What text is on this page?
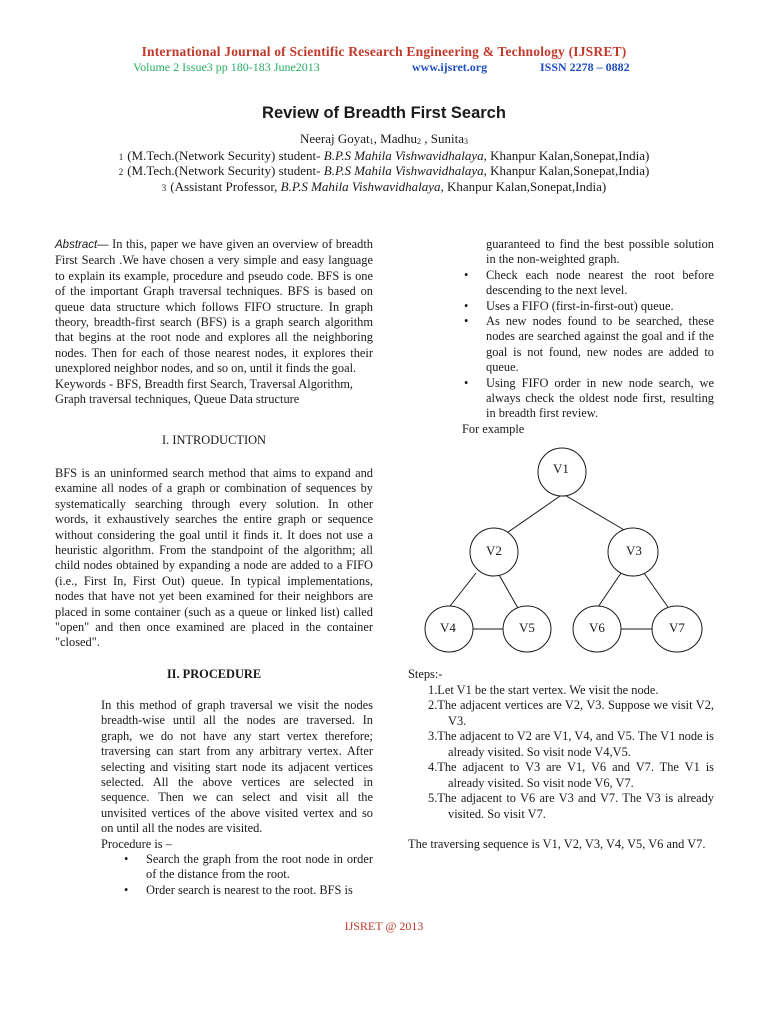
International Journal of Scientific Research Engineering & Technology (IJSRET)
Volume 2 Issue3 pp 180-183 June2013	www.ijsret.org	ISSN 2278 – 0882
Review of Breadth First Search
Neeraj Goyat$_1$, Madhu$_2$ , Sunita$_3$
1 (M.Tech.(Network Security) student- B.P.S Mahila Vishwavidhalaya, Khanpur Kalan,Sonepat,India)
2 (M.Tech.(Network Security) student- B.P.S Mahila Vishwavidhalaya, Khanpur Kalan,Sonepat,India)
3 (Assistant Professor, B.P.S Mahila Vishwavidhalaya, Khanpur Kalan,Sonepat,India)
Abstract— In this, paper we have given an overview of breadth First Search .We have chosen a very simple and easy language to explain its example, procedure and pseudo code. BFS is one of the important Graph traversal techniques. BFS is based on queue data structure which follows FIFO structure. In graph theory, breadth-first search (BFS) is a graph search algorithm that begins at the root node and explores all the neighboring nodes. Then for each of those nearest nodes, it explores their unexplored neighbor nodes, and so on, until it finds the goal.
Keywords - BFS, Breadth first Search, Traversal Algorithm, Graph traversal techniques, Queue Data structure
I. INTRODUCTION
BFS is an uninformed search method that aims to expand and examine all nodes of a graph or combination of sequences by systematically searching through every solution. In other words, it exhaustively searches the entire graph or sequence without considering the goal until it finds it. It does not use a heuristic algorithm. From the standpoint of the algorithm; all child nodes obtained by expanding a node are added to a FIFO (i.e., First In, First Out) queue. In typical implementations, nodes that have not yet been examined for their neighbors are placed in some container (such as a queue or linked list) called "open" and then once examined are placed in the container "closed".
II. PROCEDURE
In this method of graph traversal we visit the nodes breadth-wise until all the nodes are traversed. In graph, we do not have any start vertex therefore; traversing can start from any arbitrary vertex. After selecting and visiting start node its adjacent vertices selected. All the above vertices are selected in sequence. Then we can select and visit all the unvisited vertices of the above visited vertex and so on until all the nodes are visited.
Procedure is –
• Search the graph from the root node in order of the distance from the root.
• Order search is nearest to the root. BFS is
guaranteed to find the best possible solution in the non-weighted graph.
• Check each node nearest the root before descending to the next level.
• Uses a FIFO (first-in-first-out) queue.
• As new nodes found to be searched, these nodes are searched against the goal and if the goal is not found, new nodes are added to queue.
• Using FIFO order in new node search, we always check the oldest node first, resulting in breadth first review.
For example
V1
V2	V3
V4	V5	V6	V7
Steps:-
1.Let V1 be the start vertex. We visit the node.
2.The adjacent vertices are V2, V3. Suppose we visit V2, V3.
3.The adjacent to V2 are V1, V4, and V5. The V1 node is already visited. So visit node V4,V5.
4.The adjacent to V3 are V1, V6 and V7. The V1 is already visited. So visit node V6, V7.
5.The adjacent to V6 are V3 and V7. The V3 is already visited. So visit V7.
The traversing sequence is V1, V2, V3, V4, V5, V6 and V7.
IJSRET @ 2013
